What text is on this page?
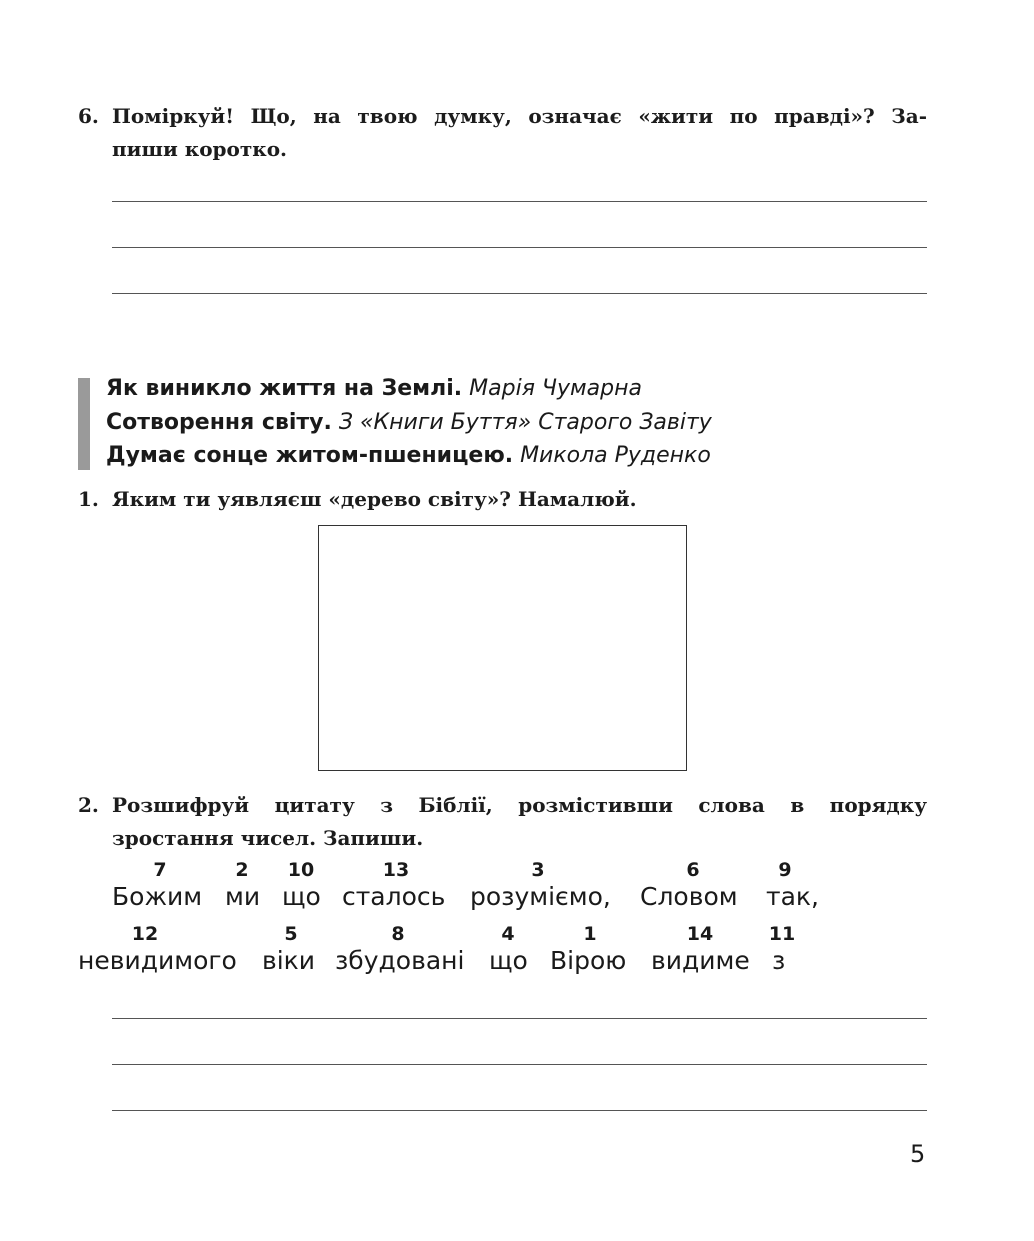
6. Поміркуй! Що, на твою думку, означає «жити по правді»? За-
пиши коротко.
Як виникло життя на Землі. Марія Чумарна
Сотворення світу. З «Книги Буття» Старого Завіту
Думає сонце житом-пшеницею. Микола Руденко
1. Яким ти уявляєш «дерево світу»? Намалюй.
2. Розшифруй цитату з Біблії, розмістивши слова в порядку
зростання чисел. Запиши.
7	2	10	13	3	6	9
Божим ми що сталось розуміємо, Словом так,
12	5	8	4	1	14	11
невидимого віки збудовані що Вірою видиме з
5
